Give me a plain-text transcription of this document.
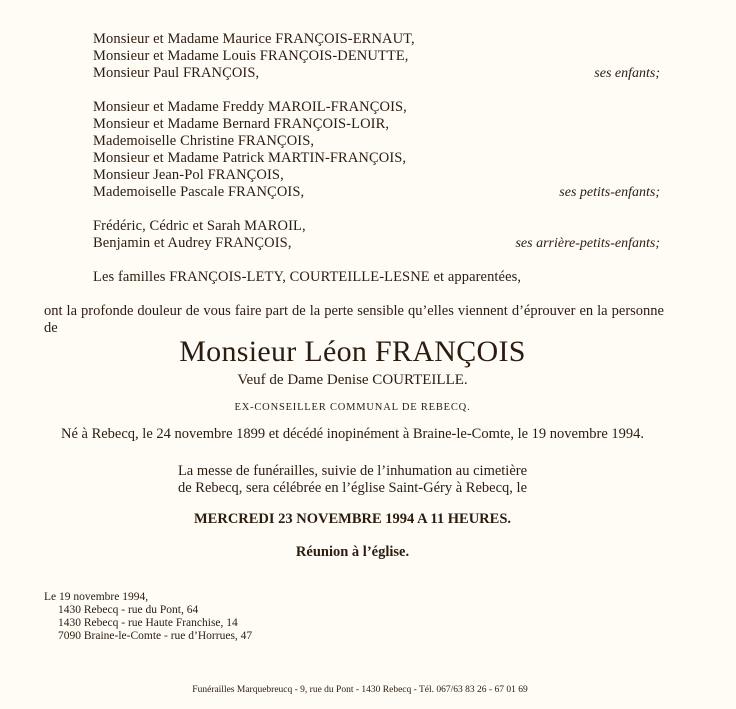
Monsieur et Madame Maurice FRANÇOIS-ERNAUT,
Monsieur et Madame Louis FRANÇOIS-DENUTTE,
Monsieur Paul FRANÇOIS,	ses enfants;
Monsieur et Madame Freddy MAROIL-FRANÇOIS,
Monsieur et Madame Bernard FRANÇOIS-LOIR,
Mademoiselle Christine FRANÇOIS,
Monsieur et Madame Patrick MARTIN-FRANÇOIS,
Monsieur Jean-Pol FRANÇOIS,
Mademoiselle Pascale FRANÇOIS,	ses petits-enfants;
Frédéric, Cédric et Sarah MAROIL,
Benjamin et Audrey FRANÇOIS,	ses arrière-petits-enfants;
Les familles FRANÇOIS-LETY, COURTEILLE-LESNE et apparentées,
ont la profonde douleur de vous faire part de la perte sensible qu’elles viennent d’éprouver en la personne de
Monsieur Léon FRANÇOIS
Veuf de Dame Denise COURTEILLE.
EX-CONSEILLER COMMUNAL DE REBECQ.
Né à Rebecq, le 24 novembre 1899 et décédé inopinément à Braine-le-Comte, le 19 novembre 1994.
La messe de funérailles, suivie de l’inhumation au cimetière
de Rebecq, sera célébrée en l’église Saint-Géry à Rebecq, le
MERCREDI 23 NOVEMBRE 1994 A 11 HEURES.
Réunion à l’église.
Le 19 novembre 1994,
1430 Rebecq - rue du Pont, 64
1430 Rebecq - rue Haute Franchise, 14
7090 Braine-le-Comte - rue d’Horrues, 47
Funérailles Marquebreucq - 9, rue du Pont - 1430 Rebecq - Tél. 067/63 83 26 - 67 01 69
